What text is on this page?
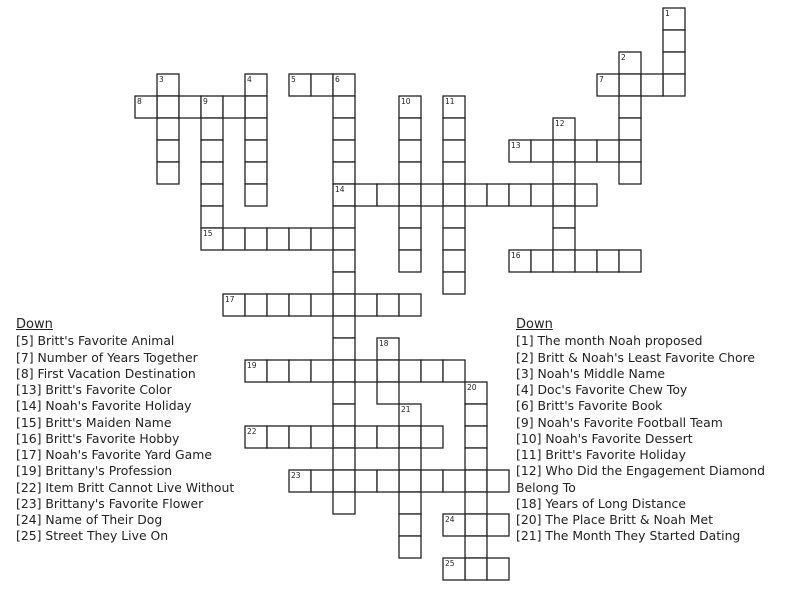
1
2
3	4	5	6	7
8	9	10	11
12
13
14
15
16
17
18
19
20
21
22
23
24
25
Down
[5] Britt's Favorite Animal
[7] Number of Years Together
[8] First Vacation Destination
[13] Britt's Favorite Color
[14] Noah's Favorite Holiday
[15] Britt's Maiden Name
[16] Britt's Favorite Hobby
[17] Noah's Favorite Yard Game
[19] Brittany's Profession
[22] Item Britt Cannot Live Without
[23] Brittany's Favorite Flower
[24] Name of Their Dog
[25] Street They Live On
Down
[1] The month Noah proposed
[2] Britt & Noah's Least Favorite Chore
[3] Noah's Middle Name
[4] Doc's Favorite Chew Toy
[6] Britt's Favorite Book
[9] Noah's Favorite Football Team
[10] Noah's Favorite Dessert
[11] Britt's Favorite Holiday
[12] Who Did the Engagement Diamond Belong To
[18] Years of Long Distance
[20] The Place Britt & Noah Met
[21] The Month They Started Dating
